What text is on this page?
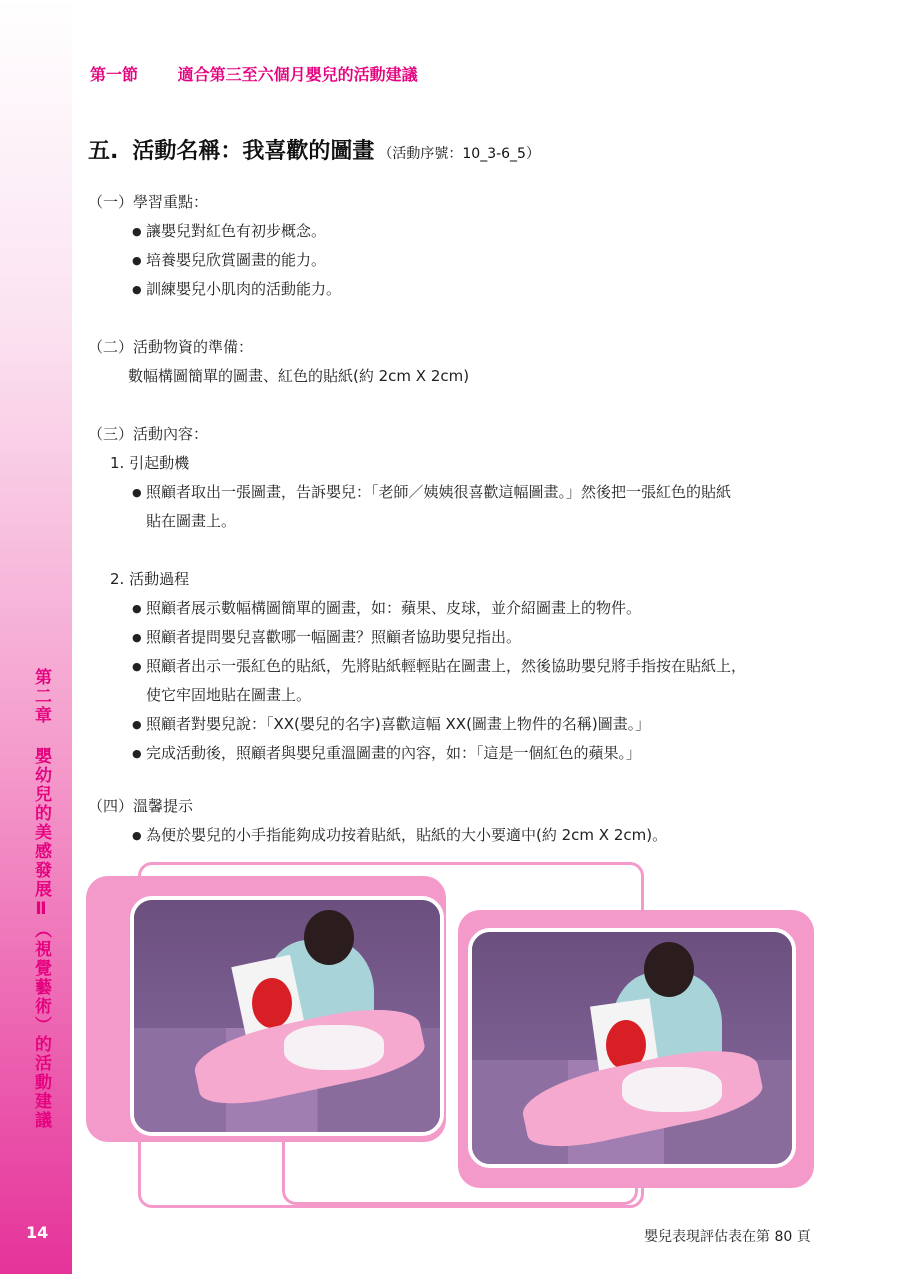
第二章 嬰幼兒的美感發展Ⅱ（視覺藝術）的活動建議
14
第一節 適合第三至六個月嬰兒的活動建議
五. 活動名稱：我喜歡的圖畫 （活動序號：10_3-6_5）
（一）學習重點：
● 讓嬰兒對紅色有初步概念。
● 培養嬰兒欣賞圖畫的能力。
● 訓練嬰兒小肌肉的活動能力。
（二）活動物資的準備：
數幅構圖簡單的圖畫、紅色的貼紙(約 2cm X 2cm)
（三）活動內容：
1. 引起動機
● 照顧者取出一張圖畫，告訴嬰兒：「老師／姨姨很喜歡這幅圖畫。」然後把一張紅色的貼紙
貼在圖畫上。
2. 活動過程
● 照顧者展示數幅構圖簡單的圖畫，如：蘋果、皮球，並介紹圖畫上的物件。
● 照顧者提問嬰兒喜歡哪一幅圖畫？照顧者協助嬰兒指出。
● 照顧者出示一張紅色的貼紙，先將貼紙輕輕貼在圖畫上，然後協助嬰兒將手指按在貼紙上，
使它牢固地貼在圖畫上。
● 照顧者對嬰兒說：「XX(嬰兒的名字)喜歡這幅 XX(圖畫上物件的名稱)圖畫。」
● 完成活動後，照顧者與嬰兒重溫圖畫的內容，如：「這是一個紅色的蘋果。」
（四）溫馨提示
● 為便於嬰兒的小手指能夠成功按着貼紙，貼紙的大小要適中(約 2cm X 2cm)。
嬰兒表現評估表在第 80 頁
